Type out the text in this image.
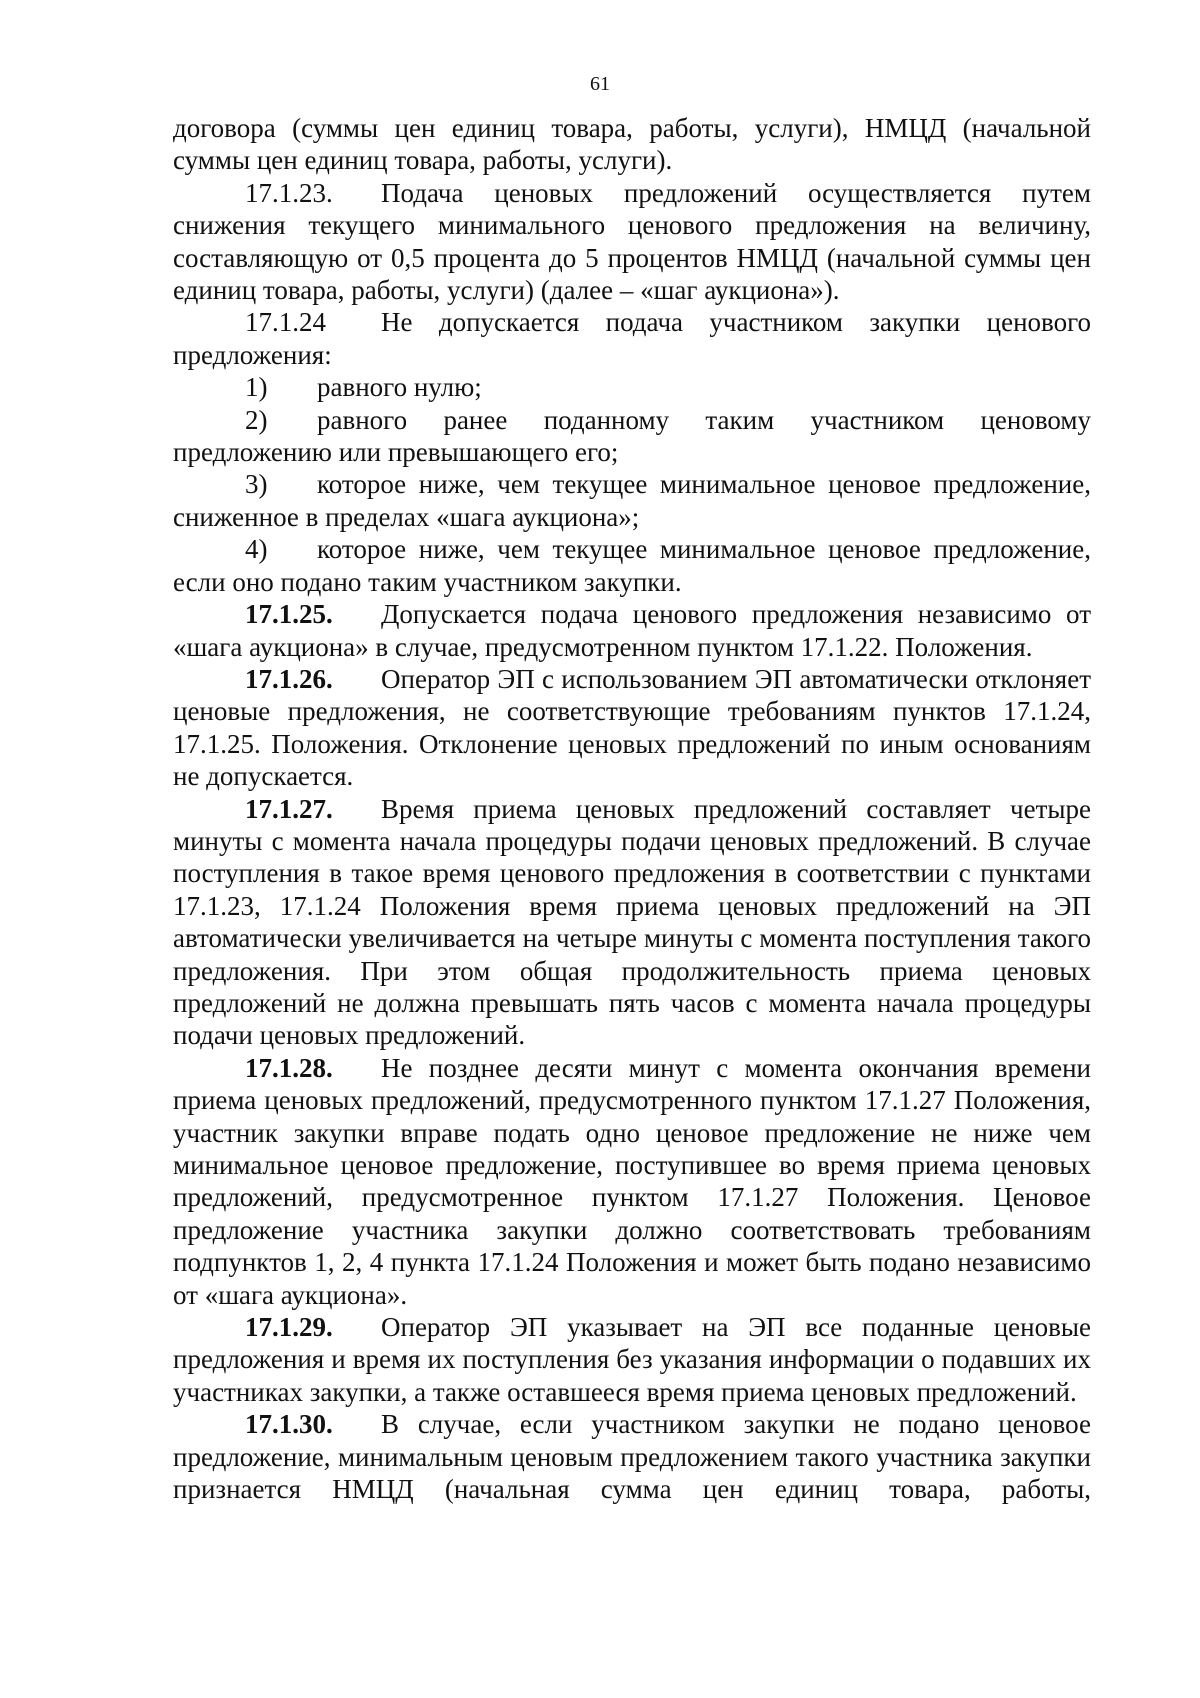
61

договора (суммы цен единиц товара, работы, услуги), НМЦД (начальной суммы цен единиц товара, работы, услуги).

17.1.23. Подача ценовых предложений осуществляется путем снижения текущего минимального ценового предложения на величину, составляющую от 0,5 процента до 5 процентов НМЦД (начальной суммы цен единиц товара, работы, услуги) (далее – «шаг аукциона»).

17.1.24 Не допускается подача участником закупки ценового предложения:

1) равного нулю;

2) равного ранее поданному таким участником ценовому предложению или превышающего его;

3) которое ниже, чем текущее минимальное ценовое предложение, сниженное в пределах «шага аукциона»;

4) которое ниже, чем текущее минимальное ценовое предложение, если оно подано таким участником закупки.

17.1.25. Допускается подача ценового предложения независимо от «шага аукциона» в случае, предусмотренном пунктом 17.1.22. Положения.

17.1.26. Оператор ЭП с использованием ЭП автоматически отклоняет ценовые предложения, не соответствующие требованиям пунктов 17.1.24, 17.1.25. Положения. Отклонение ценовых предложений по иным основаниям не допускается.

17.1.27. Время приема ценовых предложений составляет четыре минуты с момента начала процедуры подачи ценовых предложений. В случае поступления в такое время ценового предложения в соответствии с пунктами 17.1.23, 17.1.24 Положения время приема ценовых предложений на ЭП автоматически увеличивается на четыре минуты с момента поступления такого предложения. При этом общая продолжительность приема ценовых предложений не должна превышать пять часов с момента начала процедуры подачи ценовых предложений.

17.1.28. Не позднее десяти минут с момента окончания времени приема ценовых предложений, предусмотренного пунктом 17.1.27 Положения, участник закупки вправе подать одно ценовое предложение не ниже чем минимальное ценовое предложение, поступившее во время приема ценовых предложений, предусмотренное пунктом 17.1.27 Положения. Ценовое предложение участника закупки должно соответствовать требованиям подпунктов 1, 2, 4 пункта 17.1.24 Положения и может быть подано независимо от «шага аукциона».

17.1.29. Оператор ЭП указывает на ЭП все поданные ценовые предложения и время их поступления без указания информации о подавших их участниках закупки, а также оставшееся время приема ценовых предложений.

17.1.30. В случае, если участником закупки не подано ценовое предложение, минимальным ценовым предложением такого участника закупки признается НМЦД (начальная сумма цен единиц товара, работы,
